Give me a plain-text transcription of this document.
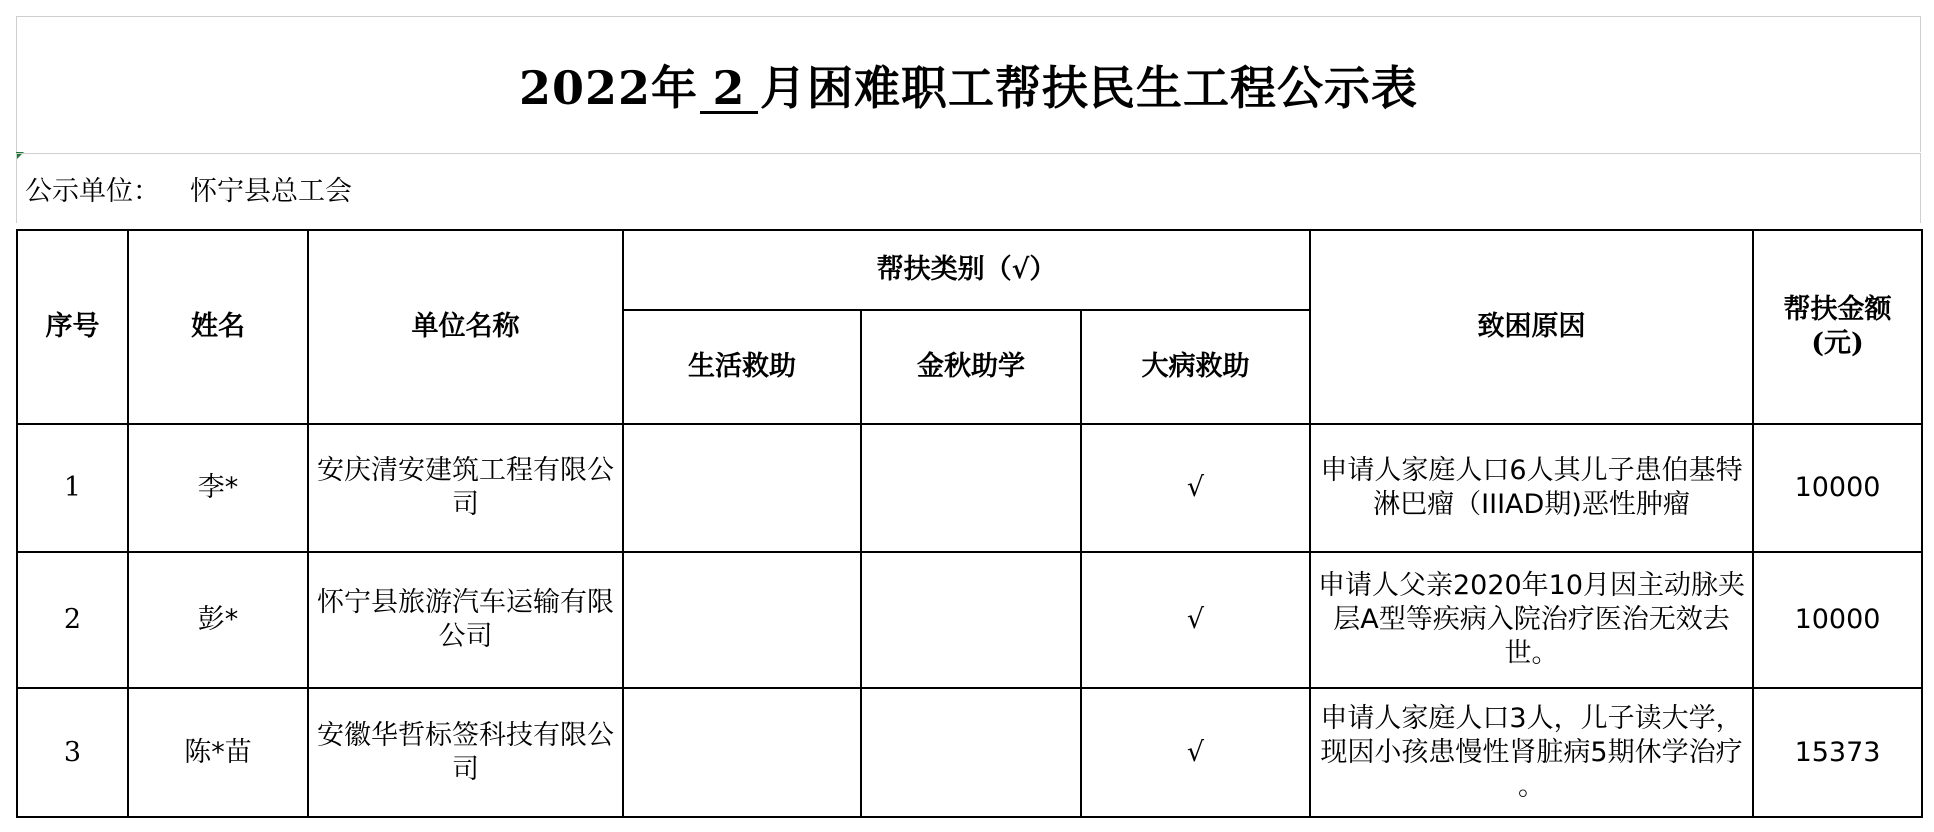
2022年 2 月困难职工帮扶民生工程公示表
公示单位： 怀宁县总工会
序号	姓名	单位名称	帮扶类别（√）			致困原因	帮扶金额
(元)

			生活救助	金秋助学	大病救助		
1	李*	安庆清安建筑工程有限公司			√	申请人家庭人口6人其儿子患伯基特淋巴瘤（IIIAD期)恶性肿瘤	10000
2	彭*	怀宁县旅游汽车运输有限公司			√	申请人父亲2020年10月因主动脉夹层A型等疾病入院治疗医治无效去世。	10000
3	陈*苗	安徽华哲标签科技有限公司			√	申请人家庭人口3人，儿子读大学，现因小孩患慢性肾脏病5期休学治疗 。	15373
